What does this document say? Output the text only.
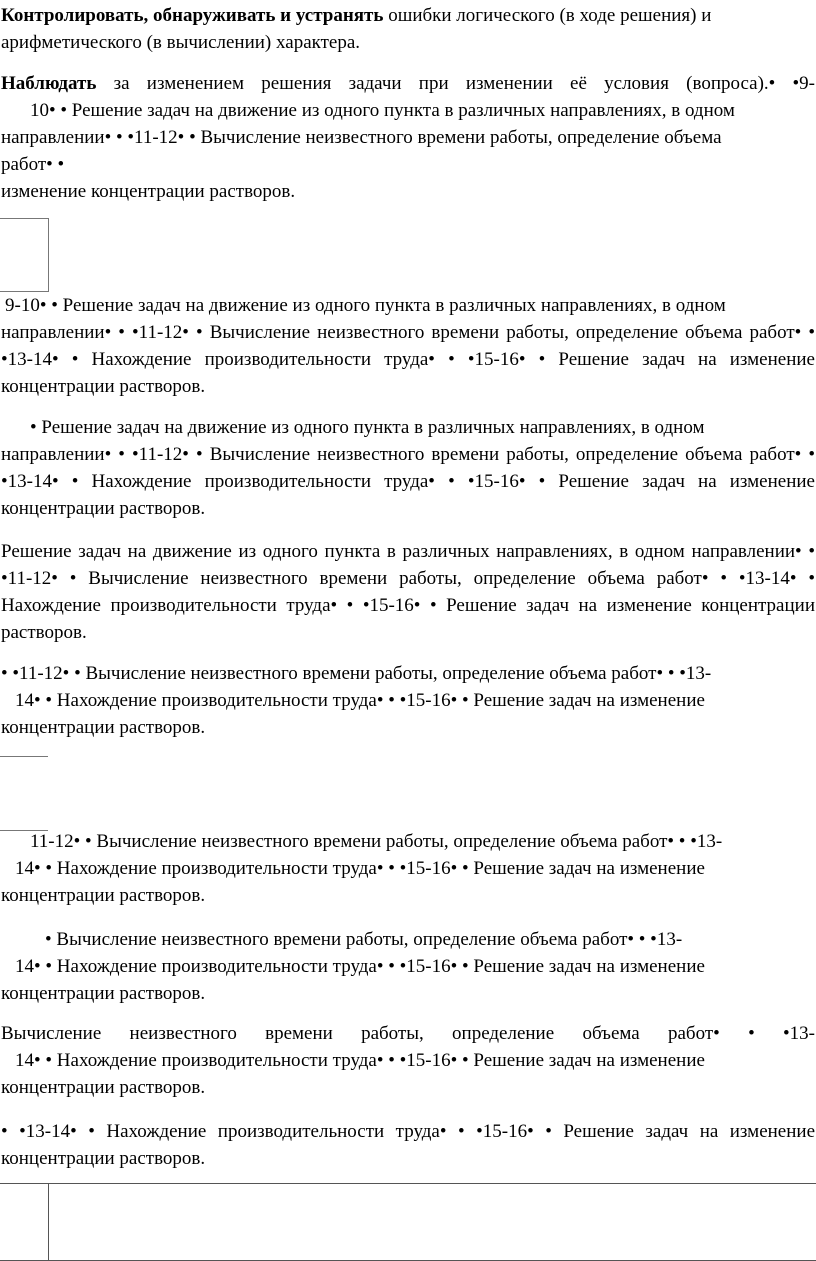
Контролировать, обнаруживать и устранять ошибки логического (в ходе решения) и арифметического (в вычислении) характера.

Наблюдать за изменением решения задачи при изменении её условия (вопроса).• •9-

10• • Решение задач на движение из одного пункта в различных направлениях, в одном

направлении• • •11-12• • Вычисление неизвестного времени работы, определение объема

работ• •

изменение концентрации растворов.

9-10• • Решение задач на движение из одного пункта в различных направлениях, в одном

направлении• • •11-12• • Вычисление неизвестного времени работы, определение объема работ• • •13-14• • Нахождение производительности труда• • •15-16• • Решение задач на изменение концентрации растворов.

• Решение задач на движение из одного пункта в различных направлениях, в одном

направлении• • •11-12• • Вычисление неизвестного времени работы, определение объема работ• • •13-14• • Нахождение производительности труда• • •15-16• • Решение задач на изменение концентрации растворов.

Решение задач на движение из одного пункта в различных направлениях, в одном направлении• • •11-12• • Вычисление неизвестного времени работы, определение объема работ• • •13-14• • Нахождение производительности труда• • •15-16• • Решение задач на изменение концентрации растворов.

• •11-12• • Вычисление неизвестного времени работы, определение объема работ• • •13-

14• • Нахождение производительности труда• • •15-16• • Решение задач на изменение

концентрации растворов.

11-12• • Вычисление неизвестного времени работы, определение объема работ• • •13-

14• • Нахождение производительности труда• • •15-16• • Решение задач на изменение

концентрации растворов.

• Вычисление неизвестного времени работы, определение объема работ• • •13-

14• • Нахождение производительности труда• • •15-16• • Решение задач на изменение

концентрации растворов.

Вычисление неизвестного времени работы, определение объема работ• • •13-

14• • Нахождение производительности труда• • •15-16• • Решение задач на изменение

концентрации растворов.

• •13-14• • Нахождение производительности труда• • •15-16• • Решение задач на изменение концентрации растворов.
